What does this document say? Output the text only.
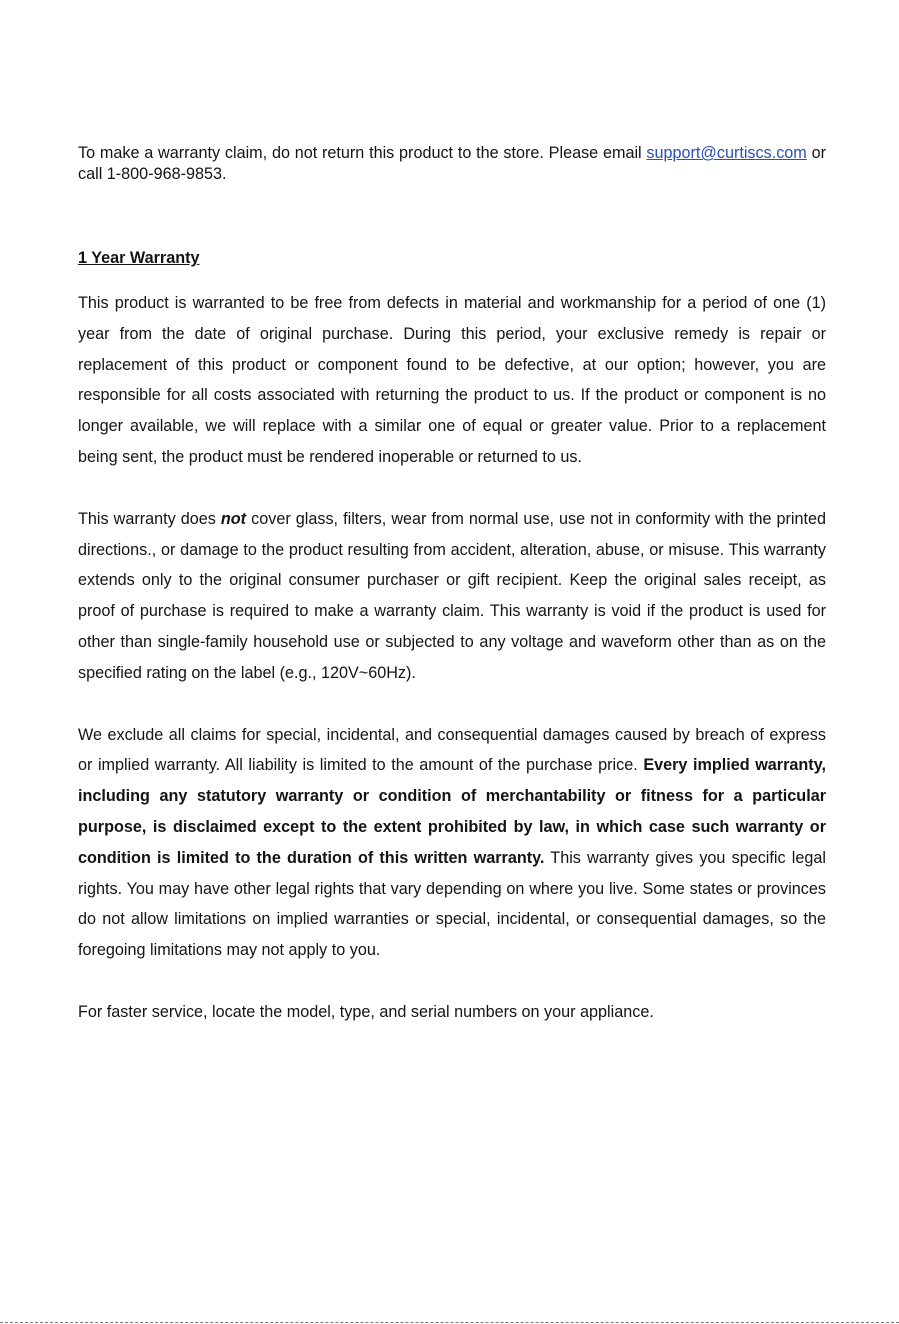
To make a warranty claim, do not return this product to the store. Please email support@curtiscs.com or call 1-800-968-9853.

1 Year Warranty

This product is warranted to be free from defects in material and workmanship for a period of one (1) year from the date of original purchase. During this period, your exclusive remedy is repair or replacement of this product or component found to be defective, at our option; however, you are responsible for all costs associated with returning the product to us. If the product or component is no longer available, we will replace with a similar one of equal or greater value. Prior to a replacement being sent, the product must be rendered inoperable or returned to us.

This warranty does not cover glass, filters, wear from normal use, use not in conformity with the printed directions., or damage to the product resulting from accident, alteration, abuse, or misuse. This warranty extends only to the original consumer purchaser or gift recipient. Keep the original sales receipt, as proof of purchase is required to make a warranty claim. This warranty is void if the product is used for other than single-family household use or subjected to any voltage and waveform other than as on the specified rating on the label (e.g., 120V~60Hz).

We exclude all claims for special, incidental, and consequential damages caused by breach of express or implied warranty. All liability is limited to the amount of the purchase price. Every implied warranty, including any statutory warranty or condition of merchantability or fitness for a particular purpose, is disclaimed except to the extent prohibited by law, in which case such warranty or condition is limited to the duration of this written warranty. This warranty gives you specific legal rights. You may have other legal rights that vary depending on where you live. Some states or provinces do not allow limitations on implied warranties or special, incidental, or consequential damages, so the foregoing limitations may not apply to you.

For faster service, locate the model, type, and serial numbers on your appliance.
